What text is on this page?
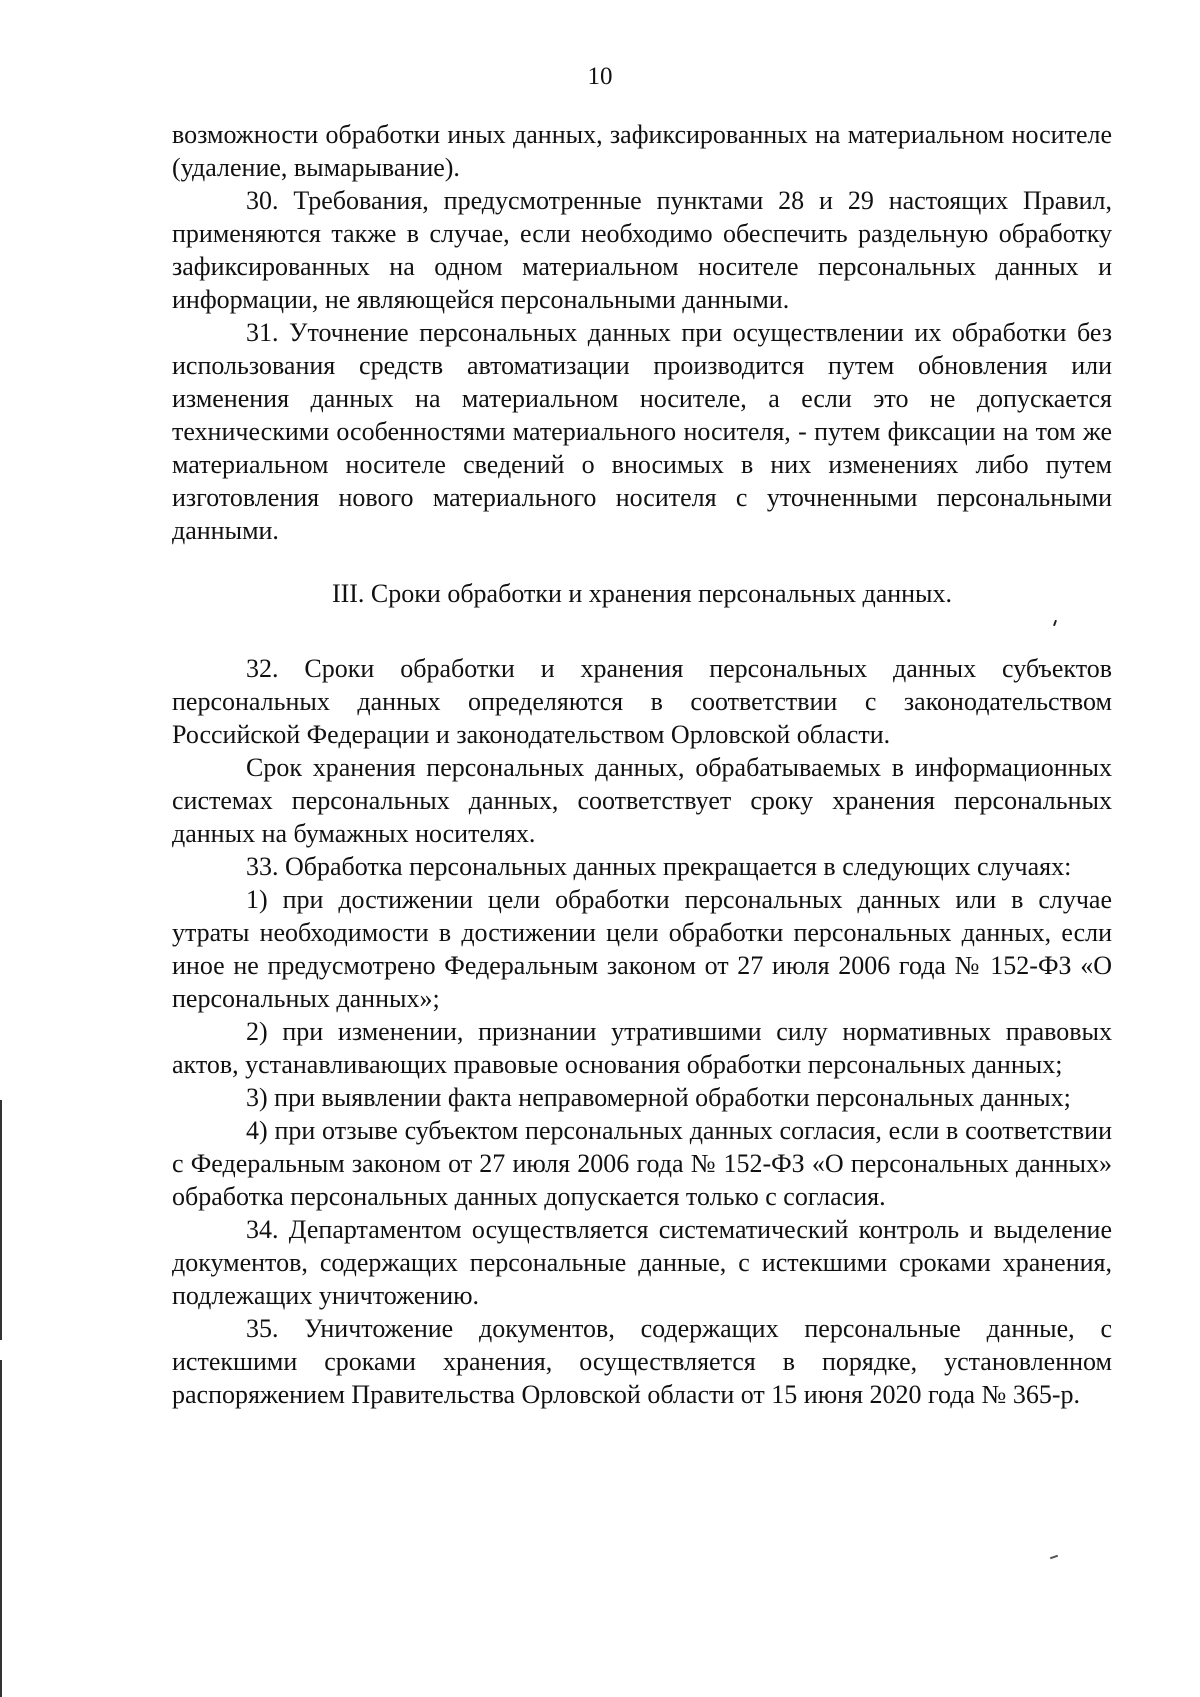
10

возможности обработки иных данных, зафиксированных на материальном носителе (удаление, вымарывание).

30. Требования, предусмотренные пунктами 28 и 29 настоящих Правил, применяются также в случае, если необходимо обеспечить раздельную обработку зафиксированных на одном материальном носителе персональных данных и информации, не являющейся персональными данными.

31. Уточнение персональных данных при осуществлении их обработки без использования средств автоматизации производится путем обновления или изменения данных на материальном носителе, а если это не допускается техническими особенностями материального носителя, - путем фиксации на том же материальном носителе сведений о вносимых в них изменениях либо путем изготовления нового материального носителя с уточненными персональными данными.

III. Сроки обработки и хранения персональных данных.

32. Сроки обработки и хранения персональных данных субъектов персональных данных определяются в соответствии с законодательством Российской Федерации и законодательством Орловской области.

Срок хранения персональных данных, обрабатываемых в информационных системах персональных данных, соответствует сроку хранения персональных данных на бумажных носителях.

33. Обработка персональных данных прекращается в следующих случаях:

1) при достижении цели обработки персональных данных или в случае утраты необходимости в достижении цели обработки персональных данных, если иное не предусмотрено Федеральным законом от 27 июля 2006 года № 152-ФЗ «О персональных данных»;

2) при изменении, признании утратившими силу нормативных правовых актов, устанавливающих правовые основания обработки персональных данных;

3) при выявлении факта неправомерной обработки персональных данных;

4) при отзыве субъектом персональных данных согласия, если в соответствии с Федеральным законом от 27 июля 2006 года № 152-ФЗ «О персональных данных» обработка персональных данных допускается только с согласия.

34. Департаментом осуществляется систематический контроль и выделение документов, содержащих персональные данные, с истекшими сроками хранения, подлежащих уничтожению.

35. Уничтожение документов, содержащих персональные данные, с истекшими сроками хранения, осуществляется в порядке, установленном распоряжением Правительства Орловской области от 15 июня 2020 года № 365-р.
